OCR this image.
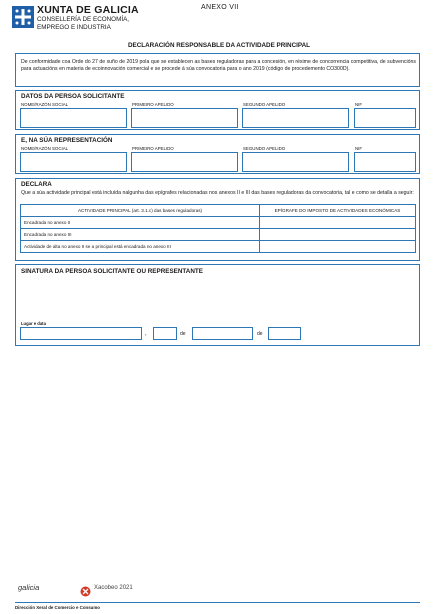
XUNTA DE GALICIA
CONSELLERÍA DE ECONOMÍA,
EMPREGO E INDUSTRIA
ANEXO VII
DECLARACIÓN RESPONSABLE DA ACTIVIDADE PRINCIPAL
De conformidade coa Orde do 27 de xuño de 2019 pola que se establecen as bases reguladoras para a concesión, en réxime de concorrencia competitiva, de subvencións para actuacións en materia de ecoinnovación comercial e se procede á súa convocatoria para o ano 2019 (código de procedemento CO300D).
DATOS DA PERSOA SOLICITANTE
NOME/RAZÓN SOCIAL	PRIMEIRO APELIDO	SEGUNDO APELIDO	NIF
E, NA SÚA REPRESENTACIÓN
NOME/RAZÓN SOCIAL	PRIMEIRO APELIDO	SEGUNDO APELIDO	NIF
DECLARA
Que a súa actividade principal está incluída nalgunha das epígrafes relacionadas nos anexos II e III das bases reguladoras da convocatoria, tal e como se detalla a seguir:
ACTIVIDADE PRINCIPAL (art. 3.1.c) das bases reguladoras)	EPÍGRAFE DO IMPOSTO DE ACTIVIDADES ECONÓMICAS
Encadrada no anexo II	
Encadrada no anexo III	
Actividade de alta no anexo II se a principal está encadrada no anexo III	
SINATURA DA PERSOA SOLICITANTE OU REPRESENTANTE
Lugar e data
,	de	de
galicia	Xacobeo 2021
Dirección Xeral de Comercio e Consumo
